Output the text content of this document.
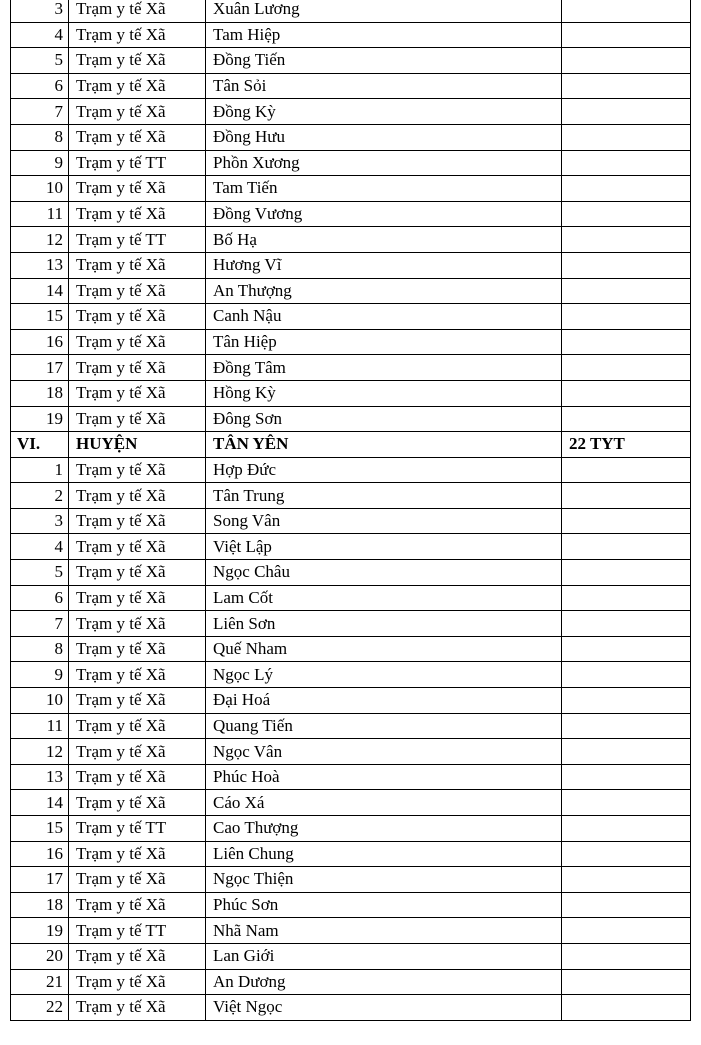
3	Trạm y tế Xã	Xuân Lương	
4	Trạm y tế Xã	Tam Hiệp	
5	Trạm y tế Xã	Đồng Tiến	
6	Trạm y tế Xã	Tân Sỏi	
7	Trạm y tế Xã	Đồng Kỳ	
8	Trạm y tế Xã	Đồng Hưu	
9	Trạm y tế TT	Phồn Xương	
10	Trạm y tế Xã	Tam Tiến	
11	Trạm y tế Xã	Đồng Vương	
12	Trạm y tế TT	Bố Hạ	
13	Trạm y tế Xã	Hương Vĩ	
14	Trạm y tế Xã	An Thượng	
15	Trạm y tế Xã	Canh Nậu	
16	Trạm y tế Xã	Tân Hiệp	
17	Trạm y tế Xã	Đồng Tâm	
18	Trạm y tế Xã	Hồng Kỳ	
19	Trạm y tế Xã	Đông Sơn	
VI.	HUYỆN	TÂN YÊN	22 TYT
1	Trạm y tế Xã	Hợp Đức	
2	Trạm y tế Xã	Tân Trung	
3	Trạm y tế Xã	Song Vân	
4	Trạm y tế Xã	Việt Lập	
5	Trạm y tế Xã	Ngọc Châu	
6	Trạm y tế Xã	Lam Cốt	
7	Trạm y tế Xã	Liên Sơn	
8	Trạm y tế Xã	Quế Nham	
9	Trạm y tế Xã	Ngọc Lý	
10	Trạm y tế Xã	Đại Hoá	
11	Trạm y tế Xã	Quang Tiến	
12	Trạm y tế Xã	Ngọc Vân	
13	Trạm y tế Xã	Phúc Hoà	
14	Trạm y tế Xã	Cáo Xá	
15	Trạm y tế TT	Cao Thượng	
16	Trạm y tế Xã	Liên Chung	
17	Trạm y tế Xã	Ngọc Thiện	
18	Trạm y tế Xã	Phúc Sơn	
19	Trạm y tế TT	Nhã Nam	
20	Trạm y tế Xã	Lan Giới	
21	Trạm y tế Xã	An Dương	
22	Trạm y tế Xã	Việt Ngọc	
